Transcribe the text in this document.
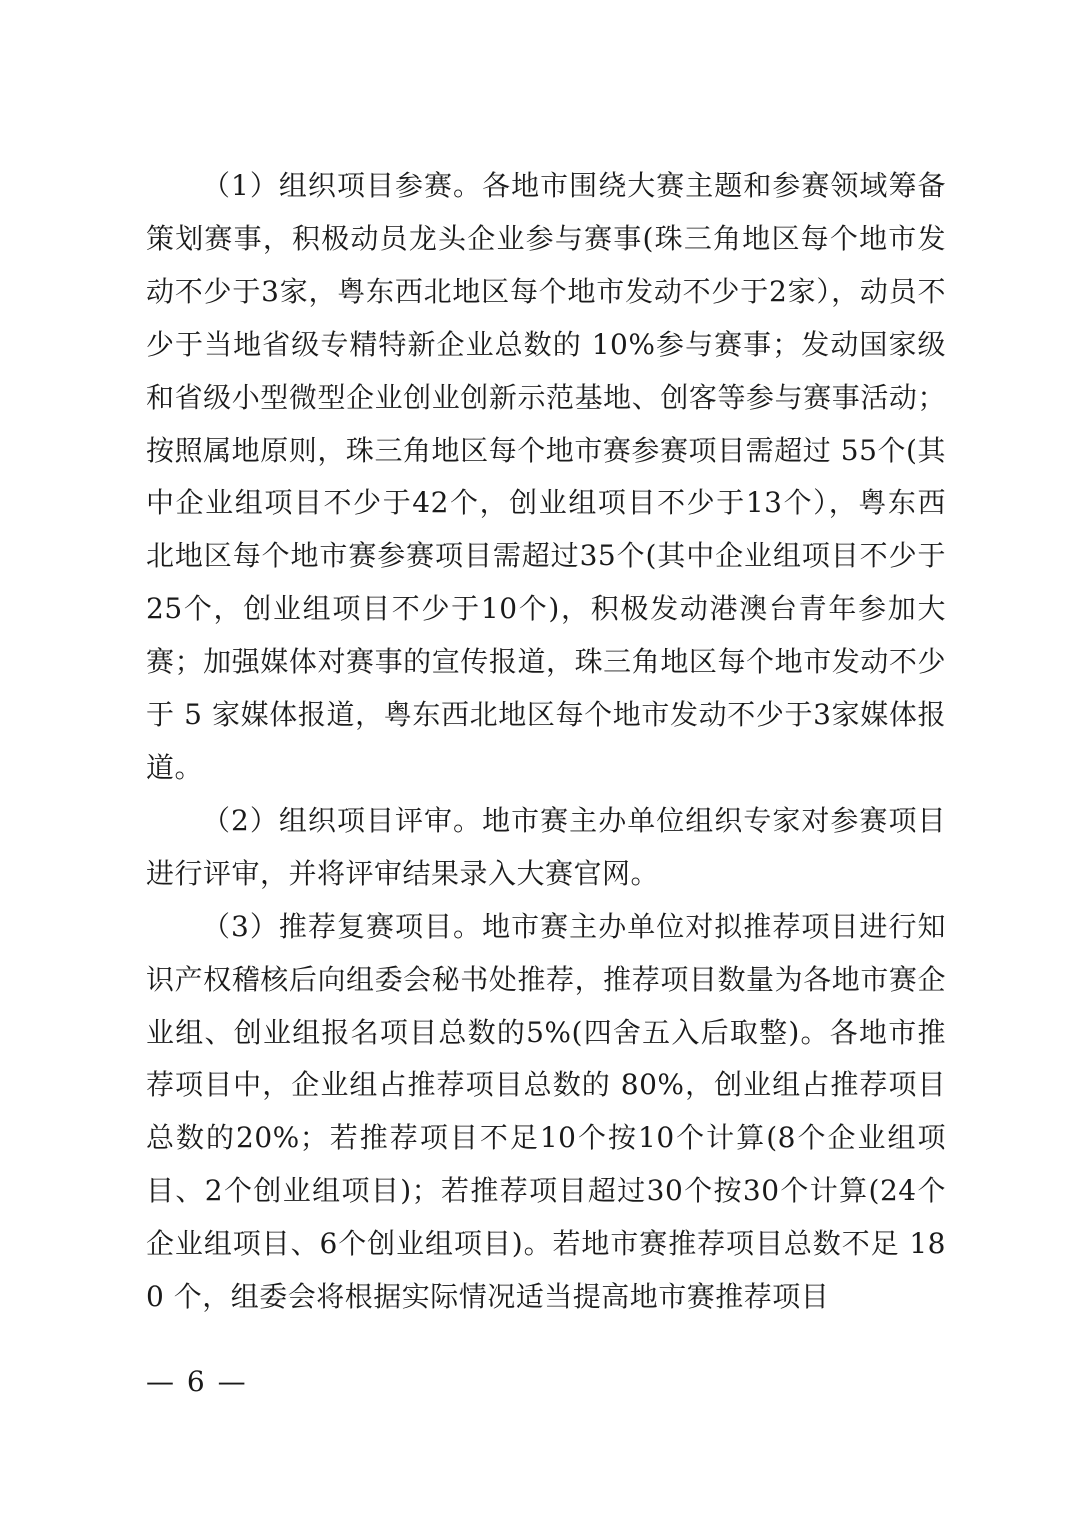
（1）组织项目参赛。各地市围绕大赛主题和参赛领域筹备策划赛事，积极动员龙头企业参与赛事(珠三角地区每个地市发动不少于3家，粤东西北地区每个地市发动不少于2家），动员不少于当地省级专精特新企业总数的 10%参与赛事；发动国家级和省级小型微型企业创业创新示范基地、创客等参与赛事活动；按照属地原则，珠三角地区每个地市赛参赛项目需超过 55个(其中企业组项目不少于42个，创业组项目不少于13个），粤东西北地区每个地市赛参赛项目需超过35个(其中企业组项目不少于25个，创业组项目不少于10个)，积极发动港澳台青年参加大赛；加强媒体对赛事的宣传报道，珠三角地区每个地市发动不少于 5 家媒体报道，粤东西北地区每个地市发动不少于3家媒体报道。

（2）组织项目评审。地市赛主办单位组织专家对参赛项目进行评审，并将评审结果录入大赛官网。

（3）推荐复赛项目。地市赛主办单位对拟推荐项目进行知识产权稽核后向组委会秘书处推荐，推荐项目数量为各地市赛企业组、创业组报名项目总数的5%(四舍五入后取整)。各地市推荐项目中，企业组占推荐项目总数的 80%，创业组占推荐项目总数的20%；若推荐项目不足10个按10个计算(8个企业组项目、2个创业组项目)；若推荐项目超过30个按30个计算(24个企业组项目、6个创业组项目)。若地市赛推荐项目总数不足 180 个，组委会将根据实际情况适当提高地市赛推荐项目

— 6 —
